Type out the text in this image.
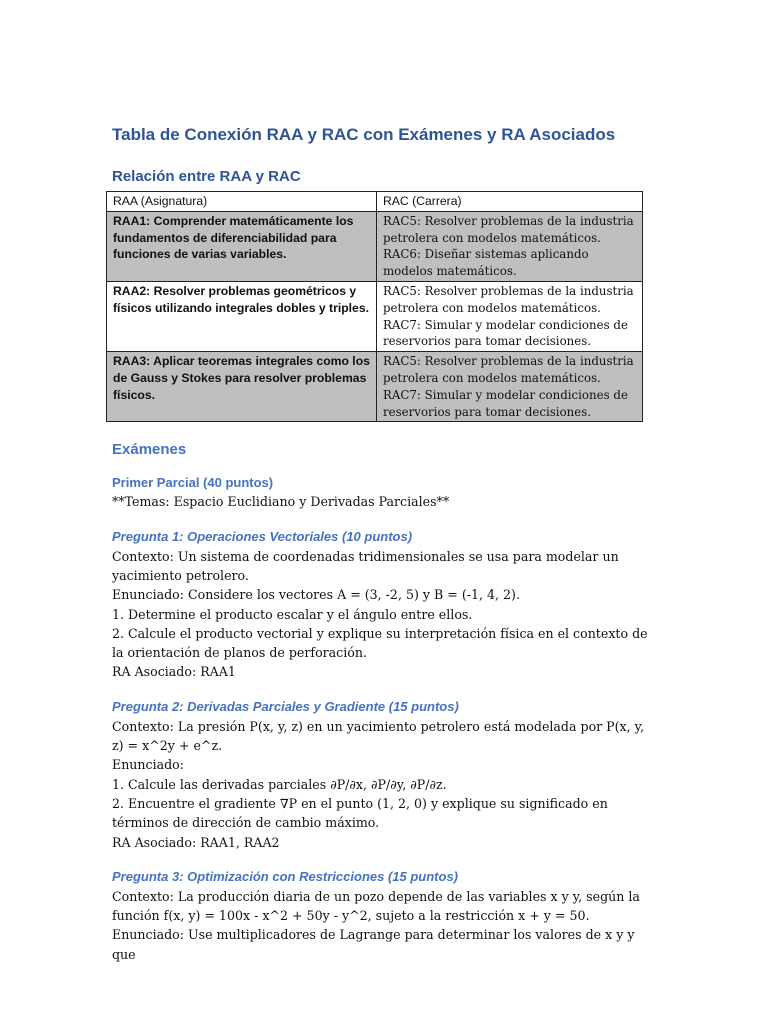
Tabla de Conexión RAA y RAC con Exámenes y RA Asociados
Relación entre RAA y RAC
RAA (Asignatura)	RAC (Carrera)
RAA1: Comprender matemáticamente los fundamentos de diferenciabilidad para funciones de varias variables.	RAC5: Resolver problemas de la industria petrolera con modelos matemáticos.
RAC6: Diseñar sistemas aplicando modelos matemáticos.

RAA2: Resolver problemas geométricos y físicos utilizando integrales dobles y triples.	RAC5: Resolver problemas de la industria petrolera con modelos matemáticos.
RAC7: Simular y modelar condiciones de reservorios para tomar decisiones.

RAA3: Aplicar teoremas integrales como los de Gauss y Stokes para resolver problemas físicos.	RAC5: Resolver problemas de la industria petrolera con modelos matemáticos.
RAC7: Simular y modelar condiciones de reservorios para tomar decisiones.
Exámenes
Primer Parcial (40 puntos)

**Temas: Espacio Euclidiano y Derivadas Parciales**

Pregunta 1: Operaciones Vectoriales (10 puntos)

Contexto: Un sistema de coordenadas tridimensionales se usa para modelar un yacimiento petrolero.

Enunciado: Considere los vectores A = (3, -2, 5) y B = (-1, 4, 2).

1. Determine el producto escalar y el ángulo entre ellos.

2. Calcule el producto vectorial y explique su interpretación física en el contexto de la orientación de planos de perforación.

RA Asociado: RAA1

Pregunta 2: Derivadas Parciales y Gradiente (15 puntos)

Contexto: La presión P(x, y, z) en un yacimiento petrolero está modelada por P(x, y, z) = x^2y + e^z.

Enunciado:

1. Calcule las derivadas parciales ∂P/∂x, ∂P/∂y, ∂P/∂z.

2. Encuentre el gradiente ∇P en el punto (1, 2, 0) y explique su significado en términos de dirección de cambio máximo.

RA Asociado: RAA1, RAA2

Pregunta 3: Optimización con Restricciones (15 puntos)

Contexto: La producción diaria de un pozo depende de las variables x y y, según la función f(x, y) = 100x - x^2 + 50y - y^2, sujeto a la restricción x + y = 50.

Enunciado: Use multiplicadores de Lagrange para determinar los valores de x y y que
